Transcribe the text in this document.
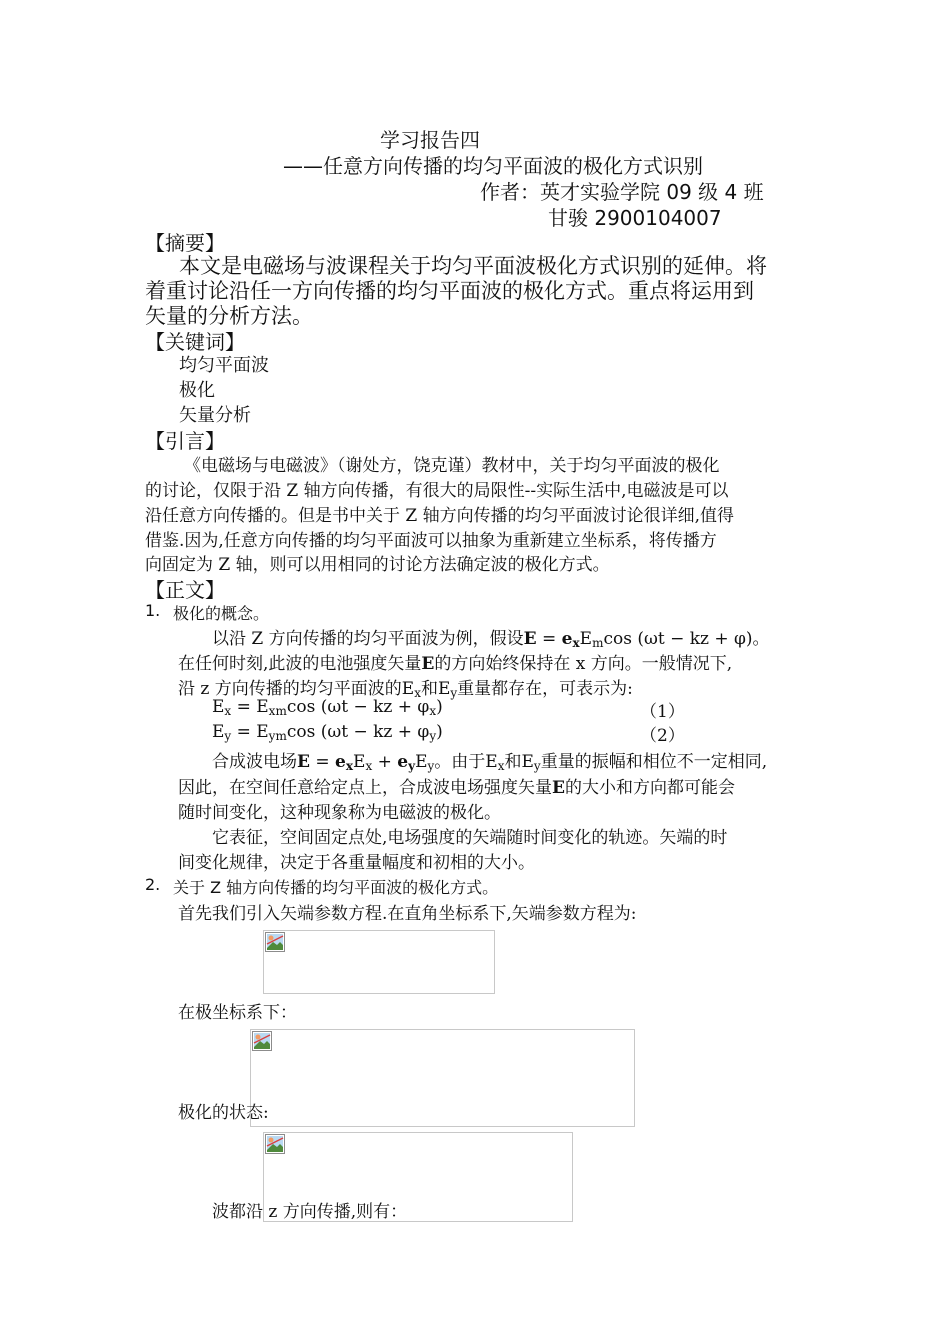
学习报告四
——任意方向传播的均匀平面波的极化方式识别
作者：英才实验学院 09 级 4 班
甘骏 2900104007
【摘要】
本文是电磁场与波课程关于均匀平面波极化方式识别的延伸。将
着重讨论沿任一方向传播的均匀平面波的极化方式。重点将运用到
矢量的分析方法。
【关键词】
均匀平面波
极化
矢量分析
【引言】
《电磁场与电磁波》（谢处方，饶克谨）教材中，关于均匀平面波的极化
的讨论，仅限于沿 Z 轴方向传播，有很大的局限性--实际生活中,电磁波是可以
沿任意方向传播的。但是书中关于 Z 轴方向传播的均匀平面波讨论很详细,值得
借鉴.因为,任意方向传播的均匀平面波可以抽象为重新建立坐标系，将传播方
向固定为 Z 轴，则可以用相同的讨论方法确定波的极化方式。
【正文】
1. 极化的概念。
以沿 Z 方向传播的均匀平面波为例，假设$E = e_xE_m\cos$ (ωt − kz + φ)。
在任何时刻,此波的电池强度矢量E的方向始终保持在 x 方向。一般情况下,
沿 z 方向传播的均匀平面波的$E_x$和$E_y$重量都存在，可表示为:
$E_x = E_{xm}\cos$ (ωt − kz + $\varphi_x$)	（1）
$E_y = E_{ym}\cos$ (ωt − kz + $\varphi_y$)	（2）
合成波电场$E = e_xE_x + e_yE_y$。由于$E_x$和$E_y$重量的振幅和相位不一定相同,
因此，在空间任意给定点上，合成波电场强度矢量E的大小和方向都可能会
随时间变化，这种现象称为电磁波的极化。
它表征，空间固定点处,电场强度的矢端随时间变化的轨迹。矢端的时
间变化规律，决定于各重量幅度和初相的大小。
2. 关于 Z 轴方向传播的均匀平面波的极化方式。
首先我们引入矢端参数方程.在直角坐标系下,矢端参数方程为:
在极坐标系下：
极化的状态:
波都沿 z 方向传播,则有：
